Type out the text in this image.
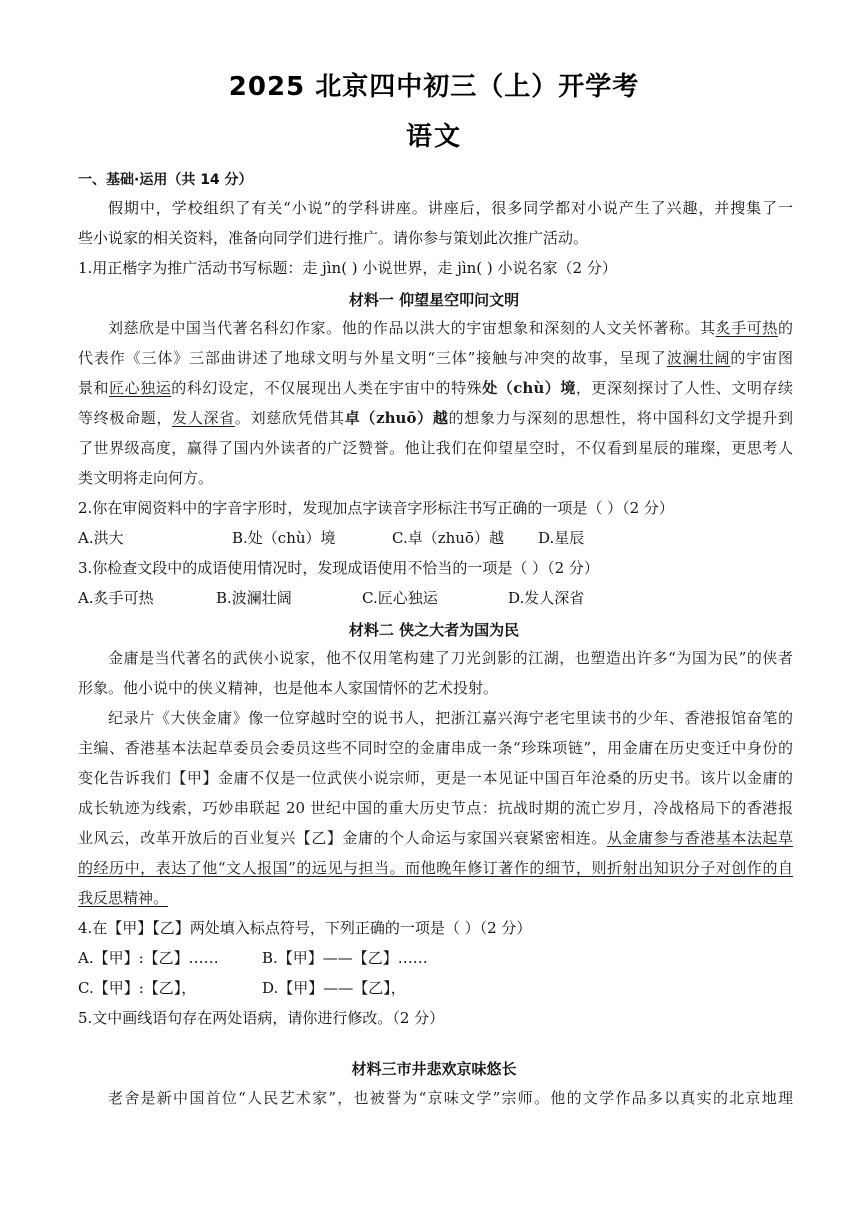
2025 北京四中初三（上）开学考
语文
一、基础·运用（共 14 分）
假期中，学校组织了有关“小说”的学科讲座。讲座后，很多同学都对小说产生了兴趣，并搜集了一
些小说家的相关资料，准备向同学们进行推广。请你参与策划此次推广活动。
1.用正楷字为推广活动书写标题：走 jìn( ) 小说世界，走 jìn( ) 小说名家（2 分）
材料一 仰望星空叩问文明
刘慈欣是中国当代著名科幻作家。他的作品以洪大的宇宙想象和深刻的人文关怀著称。其炙手可热的
代表作《三体》三部曲讲述了地球文明与外星文明“三体”接触与冲突的故事，呈现了波澜壮阔的宇宙图
景和匠心独运的科幻设定，不仅展现出人类在宇宙中的特殊处（chù）境，更深刻探讨了人性、文明存续
等终极命题，发人深省。刘慈欣凭借其卓（zhuō）越的想象力与深刻的思想性，将中国科幻文学提升到
了世界级高度，赢得了国内外读者的广泛赞誉。他让我们在仰望星空时，不仅看到星辰的璀璨，更思考人
类文明将走向何方。
2.你在审阅资料中的字音字形时，发现加点字读音字形标注书写正确的一项是（ ）（2 分）
A.洪大	B.处（chù）境	C.卓（zhuō）越 D.星辰
3.你检查文段中的成语使用情况时，发现成语使用不恰当的一项是（ ）（2 分）
A.炙手可热	B.波澜壮阔	C.匠心独运	D.发人深省
材料二 侠之大者为国为民
金庸是当代著名的武侠小说家，他不仅用笔构建了刀光剑影的江湖，也塑造出许多“为国为民”的侠者
形象。他小说中的侠义精神，也是他本人家国情怀的艺术投射。
纪录片《大侠金庸》像一位穿越时空的说书人，把浙江嘉兴海宁老宅里读书的少年、香港报馆奋笔的
主编、香港基本法起草委员会委员这些不同时空的金庸串成一条“珍珠项链”，用金庸在历史变迁中身份的
变化告诉我们【甲】金庸不仅是一位武侠小说宗师，更是一本见证中国百年沧桑的历史书。该片以金庸的
成长轨迹为线索，巧妙串联起 20 世纪中国的重大历史节点：抗战时期的流亡岁月，冷战格局下的香港报
业风云，改革开放后的百业复兴【乙】金庸的个人命运与家国兴衰紧密相连。从金庸参与香港基本法起草
的经历中，表达了他“文人报国”的远见与担当。而他晚年修订著作的细节，则折射出知识分子对创作的自
我反思精神。
4.在【甲】【乙】两处填入标点符号，下列正确的一项是（ ）（2 分）
A.【甲】:【乙】……	B.【甲】——【乙】……
C.【甲】:【乙】，	D.【甲】——【乙】，
5.文中画线语句存在两处语病，请你进行修改。（2 分）
材料三市井悲欢京味悠长
老舍是新中国首位“人民艺术家”，也被誉为“京味文学”宗师。他的文学作品多以真实的北京地理
